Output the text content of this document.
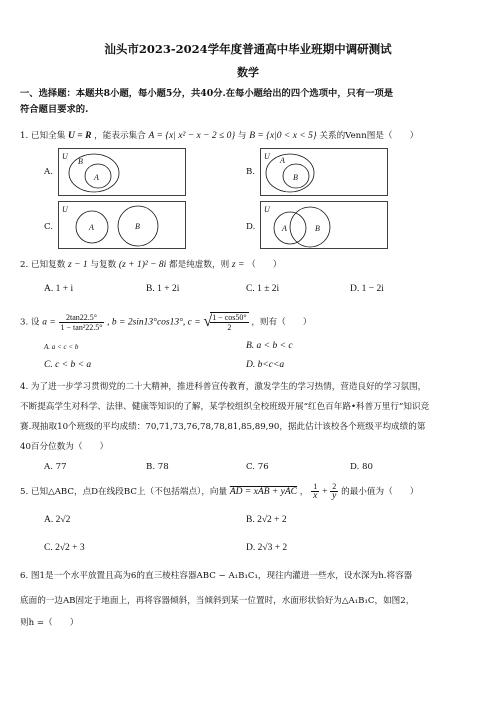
汕头市2023-2024学年度普通高中毕业班期中调研测试
数学
一、选择题：本题共8小题，每小题5分，共40分.在每小题给出的四个选项中，只有一项是
符合题目要求的.
1. 已知全集 U = R ，能表示集合 A = {x| x² − x − 2 ≤ 0} 与 B = {x|0 < x < 5} 关系的Venn图是（　　）
A.
U
B
A
B.
U A
B
C.
U
A	B	D.
U
A	B
2. 已知复数 z − 1 与复数 (z + 1)² − 8i 都是纯虚数，则 z = （　　）
A. 1 + i	B. 1 + 2i	C. 1 ± 2i	D. 1 − 2i
3. 设 $a = \frac{2\tan 22.5^\circ}{\text{1 − tan²22.5°}}$ , b = 2sin13°cos13°, c = √
$\frac{1 - \cos 50^\circ}{2}$ ，则有（　　）
A. a < c < b	B. a < b < c
C. c < b < a	D. b<c<a
4. 为了进一步学习贯彻党的二十大精神，推进科普宣传教育，激发学生的学习热情，营造良好的学习氛围，
不断提高学生对科学、法律、健康等知识的了解，某学校组织全校班级开展“红色百年路•科普万里行”知识竞
赛.现抽取10个班级的平均成绩：70,71,73,76,78,78,81,85,89,90，据此估计该校各个班级平均成绩的第
40百分位数为（　　）
A. 77	B. 78	C. 76	D. 80
5. 已知△ABC，点D在线段BC上（不包括端点），向量 AD = xAB + yAC ， $\frac{1}{x} + \frac{2}{y}$ 的最小值为（　　）
A. 2√2	B. 2√2 + 2
C. 2√2 + 3	D. 2√3 + 2
6. 图1是一个水平放置且高为6的直三棱柱容器ABC − A₁B₁C₁，现往内灌进一些水，设水深为h.将容器
底面的一边AB固定于地面上，再将容器倾斜，当倾斜到某一位置时，水面形状恰好为△A₁B₁C，如图2，
则h =（　　）
